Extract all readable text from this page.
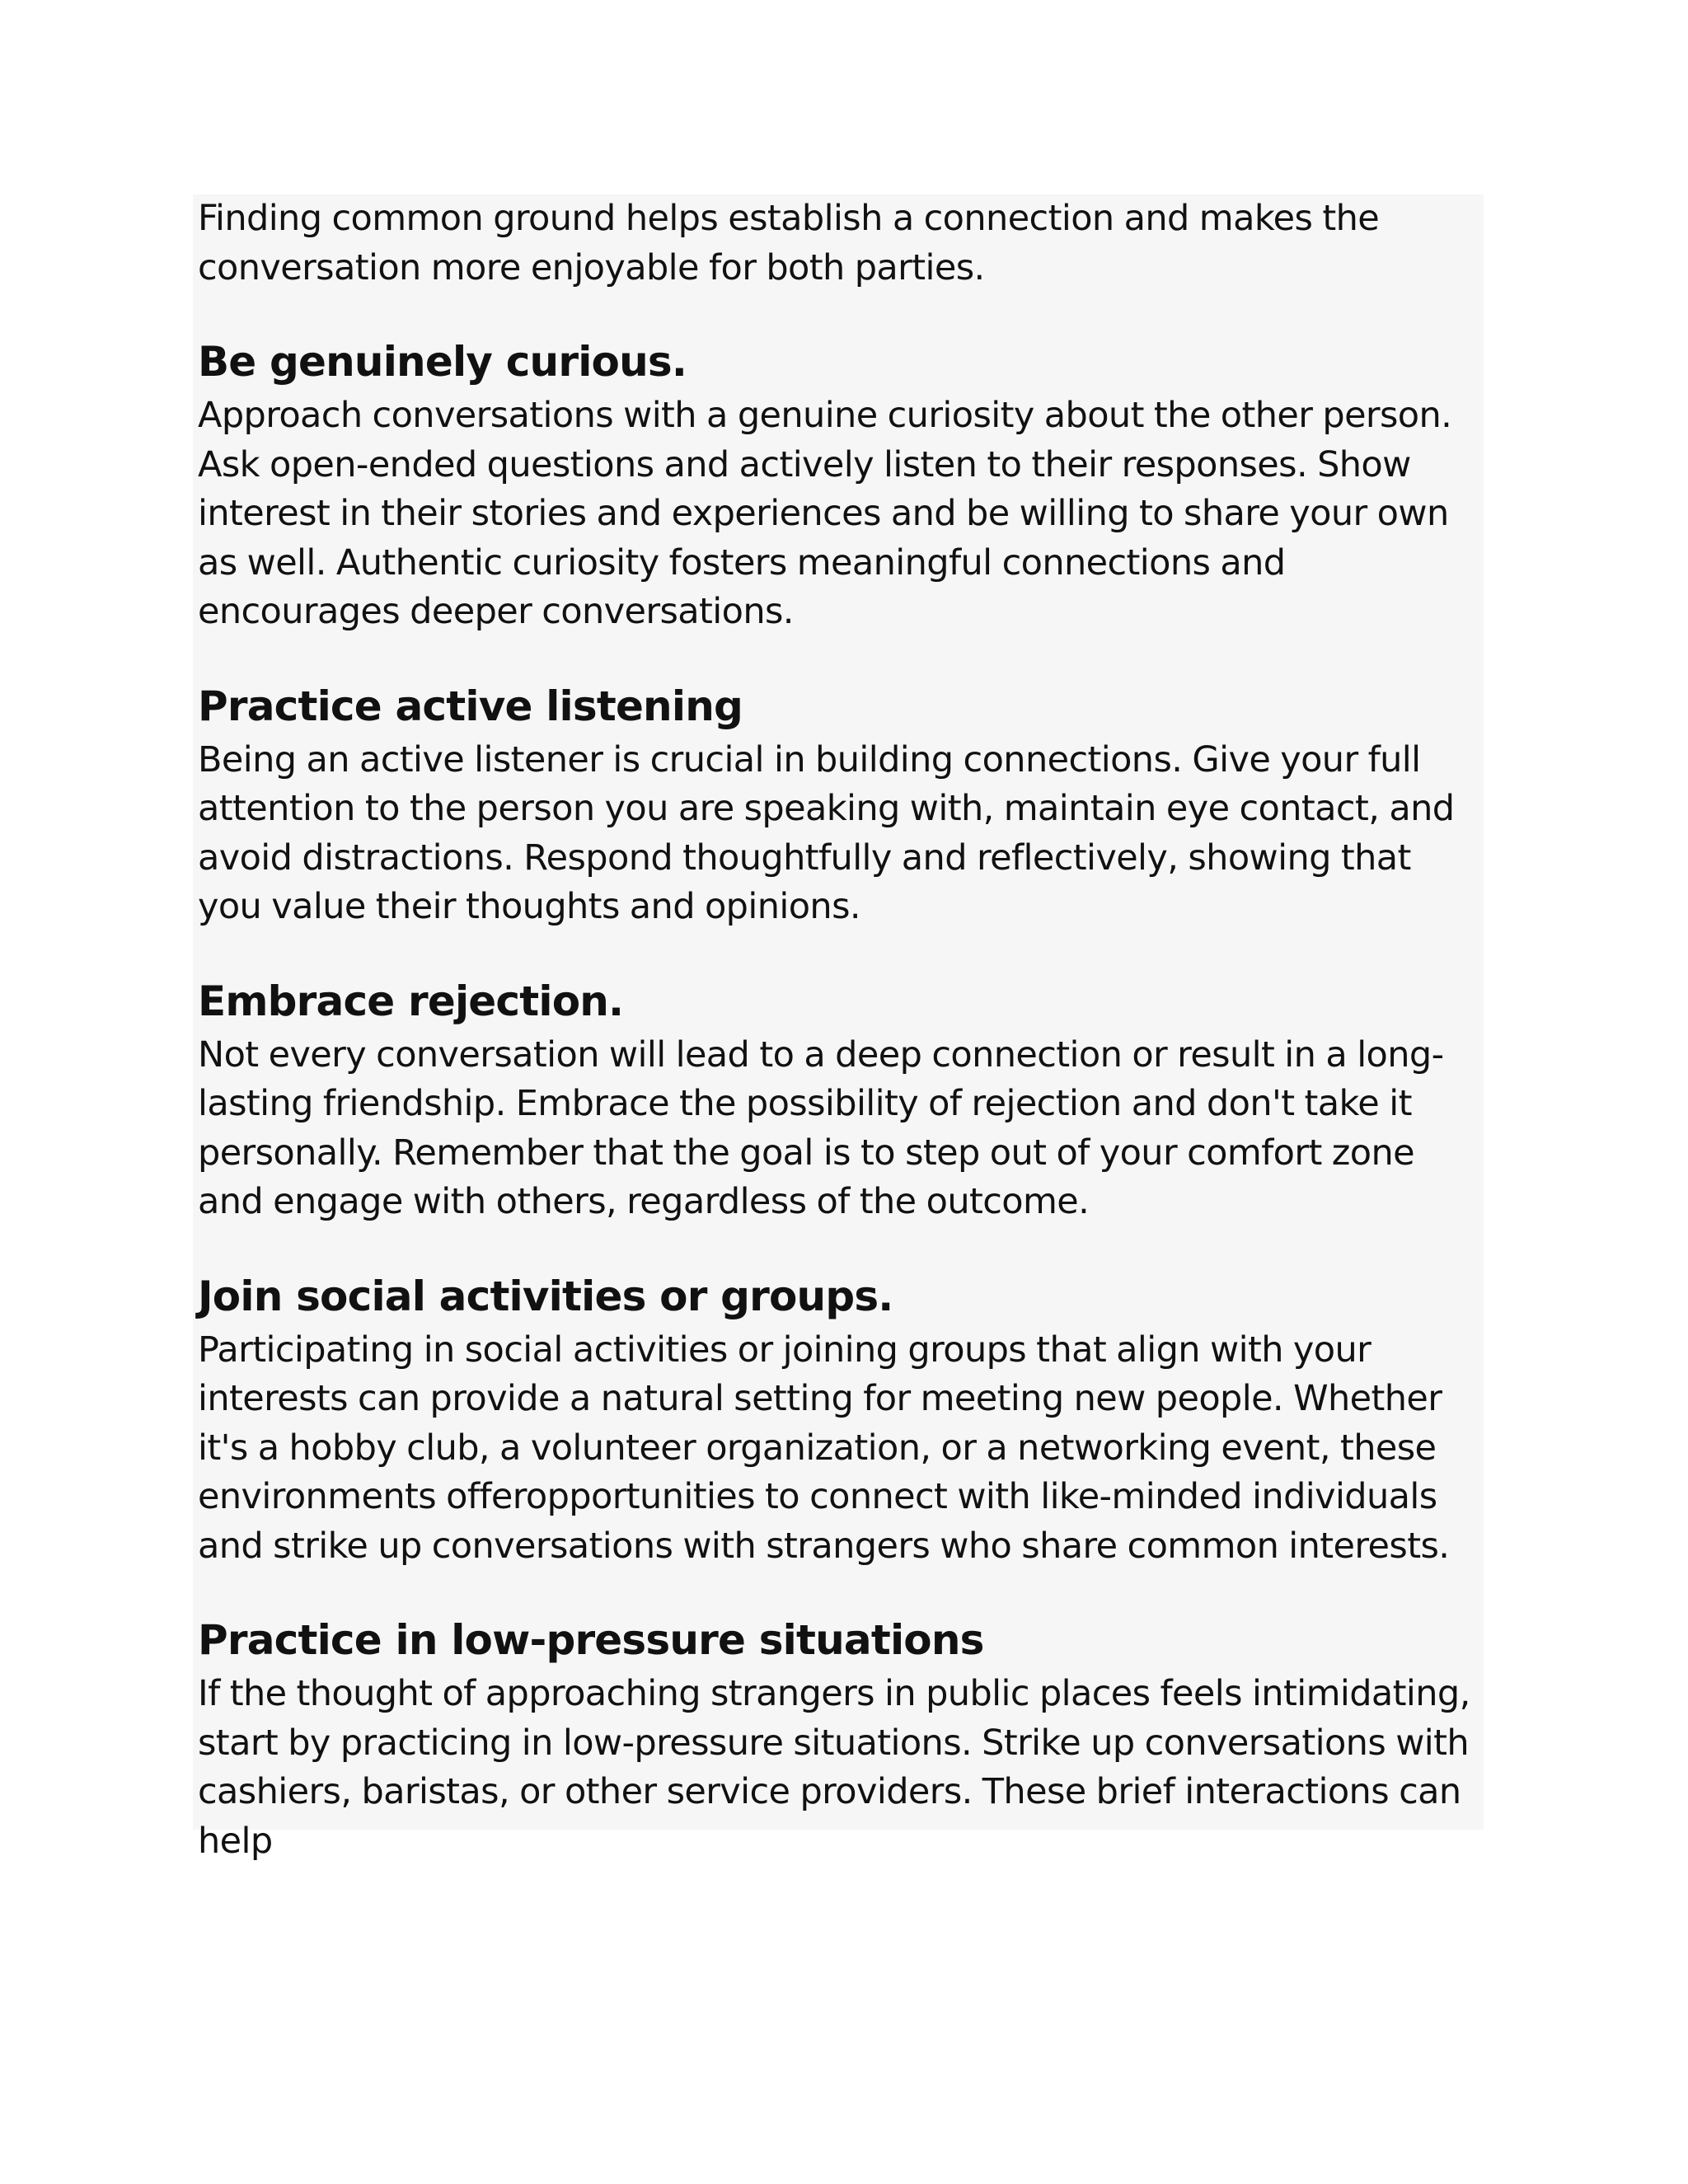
Finding common ground helps establish a connection and makes the conversation more enjoyable for both parties.

Be genuinely curious.

Approach conversations with a genuine curiosity about the other person. Ask open-ended questions and actively listen to their responses. Show interest in their stories and experiences and be willing to share your own as well. Authentic curiosity fosters meaningful connections and encourages deeper conversations.

Practice active listening

Being an active listener is crucial in building connections. Give your full attention to the person you are speaking with, maintain eye contact, and avoid distractions. Respond thoughtfully and reflectively, showing that you value their thoughts and opinions.

Embrace rejection.

Not every conversation will lead to a deep connection or result in a long-lasting friendship. Embrace the possibility of rejection and don't take it personally. Remember that the goal is to step out of your comfort zone and engage with others, regardless of the outcome.

Join social activities or groups.

Participating in social activities or joining groups that align with your interests can provide a natural setting for meeting new people. Whether it's a hobby club, a volunteer organization, or a networking event, these environments offeropportunities to connect with like-minded individuals and strike up conversations with strangers who share common interests.

Practice in low-pressure situations

If the thought of approaching strangers in public places feels intimidating, start by practicing in low-pressure situations. Strike up conversations with cashiers, baristas, or other service providers. These brief interactions can help
